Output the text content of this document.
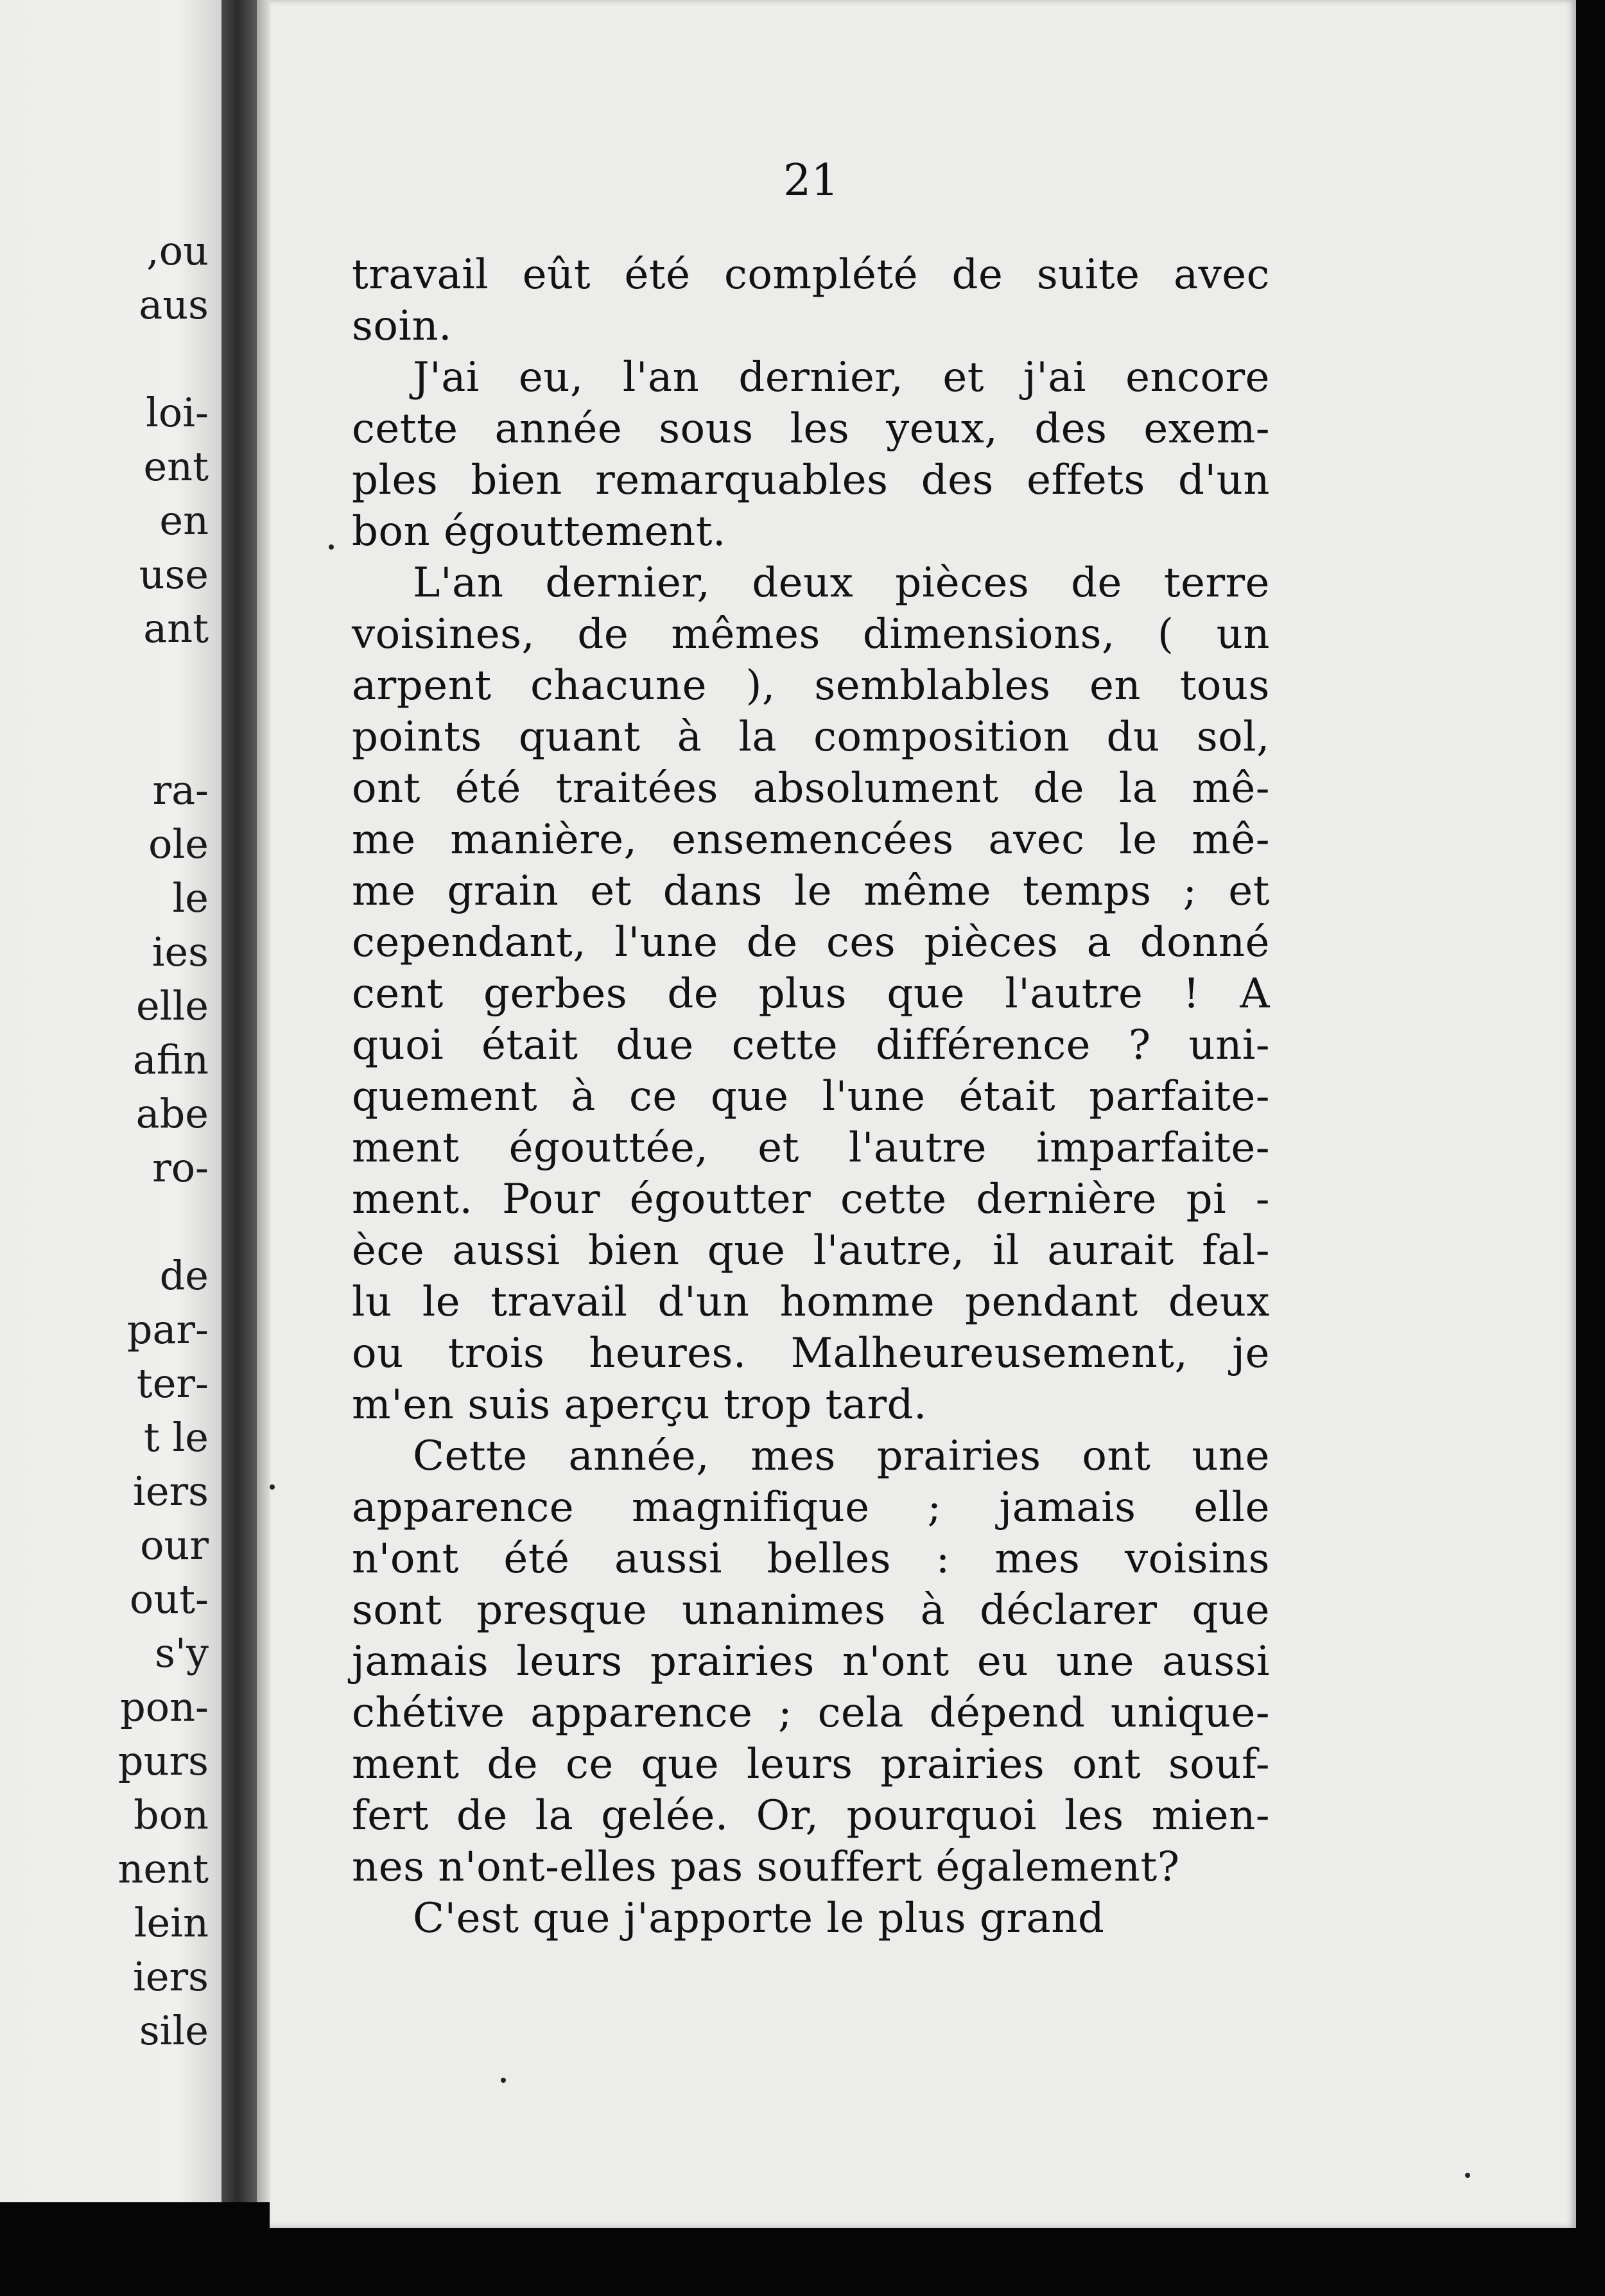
,ou
aus
loi-
ent
en
use
ant
ra-
ole
le
ies
elle
afin
abe
ro-
de
par-
ter-
t le
iers
our
out-
s'y
pon-
purs
bon
nent
lein
iers
sile
21

travail eût été complété de suite avec
soin.

J'ai eu, l'an dernier, et j'ai encore
cette année sous les yeux, des exem-
ples bien remarquables des effets d'un
bon égouttement.

L'an dernier, deux pièces de terre
voisines, de mêmes dimensions, ( un
arpent chacune ), semblables en tous
points quant à la composition du sol,
ont été traitées absolument de la mê-
me manière, ensemencées avec le mê-
me grain et dans le même temps ; et
cependant, l'une de ces pièces a donné
cent gerbes de plus que l'autre ! A
quoi était due cette différence ? uni-
quement à ce que l'une était parfaite-
ment égouttée, et l'autre imparfaite-
ment. Pour égoutter cette dernière pi -
èce aussi bien que l'autre, il aurait fal-
lu le travail d'un homme pendant deux
ou trois heures. Malheureusement, je
m'en suis aperçu trop tard.

Cette année, mes prairies ont une
apparence magnifique ; jamais elle
n'ont été aussi belles : mes voisins
sont presque unanimes à déclarer que
jamais leurs prairies n'ont eu une aussi
chétive apparence ; cela dépend unique-
ment de ce que leurs prairies ont souf-
fert de la gelée. Or, pourquoi les mien-
nes n'ont-elles pas souffert également?

C'est que j'apporte le plus grand
